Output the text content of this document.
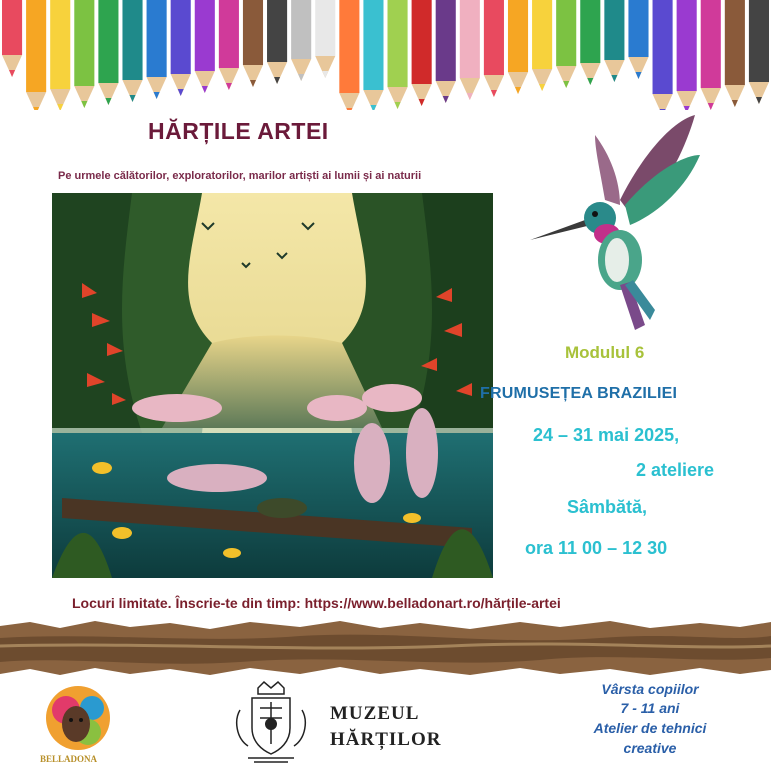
HĂRȚILE ARTEI
Pe urmele călătorilor, exploratorilor, marilor artiști ai lumii și ai naturii
Modulul 6
FRUMUSEȚEA BRAZILIEI
24 – 31 mai 2025,
2 ateliere
Sâmbătă,
ora 11 00 – 12 30
Locuri limitate. Înscrie-te din timp: https://www.belladonart.ro/hărțile-artei
BELLADONA
MUZEUL
HĂRȚILOR
Vârsta copiilor
7 - 11 ani
Atelier de tehnici
creative
